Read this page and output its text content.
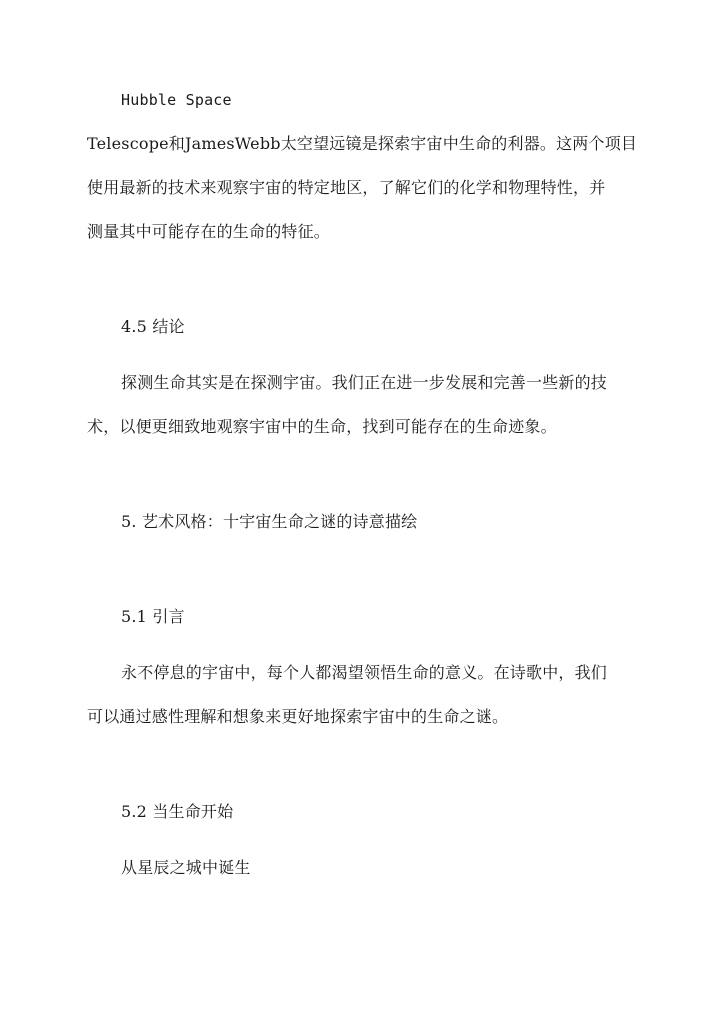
Hubble Space
Telescope和JamesWebb太空望远镜是探索宇宙中生命的利器。这两个项目
使用最新的技术来观察宇宙的特定地区，了解它们的化学和物理特性，并
测量其中可能存在的生命的特征。
4.5 结论
探测生命其实是在探测宇宙。我们正在进一步发展和完善一些新的技
术，以便更细致地观察宇宙中的生命，找到可能存在的生命迹象。
5. 艺术风格：十宇宙生命之谜的诗意描绘
5.1 引言
永不停息的宇宙中，每个人都渴望领悟生命的意义。在诗歌中，我们
可以通过感性理解和想象来更好地探索宇宙中的生命之谜。
5.2 当生命开始
从星辰之城中诞生
